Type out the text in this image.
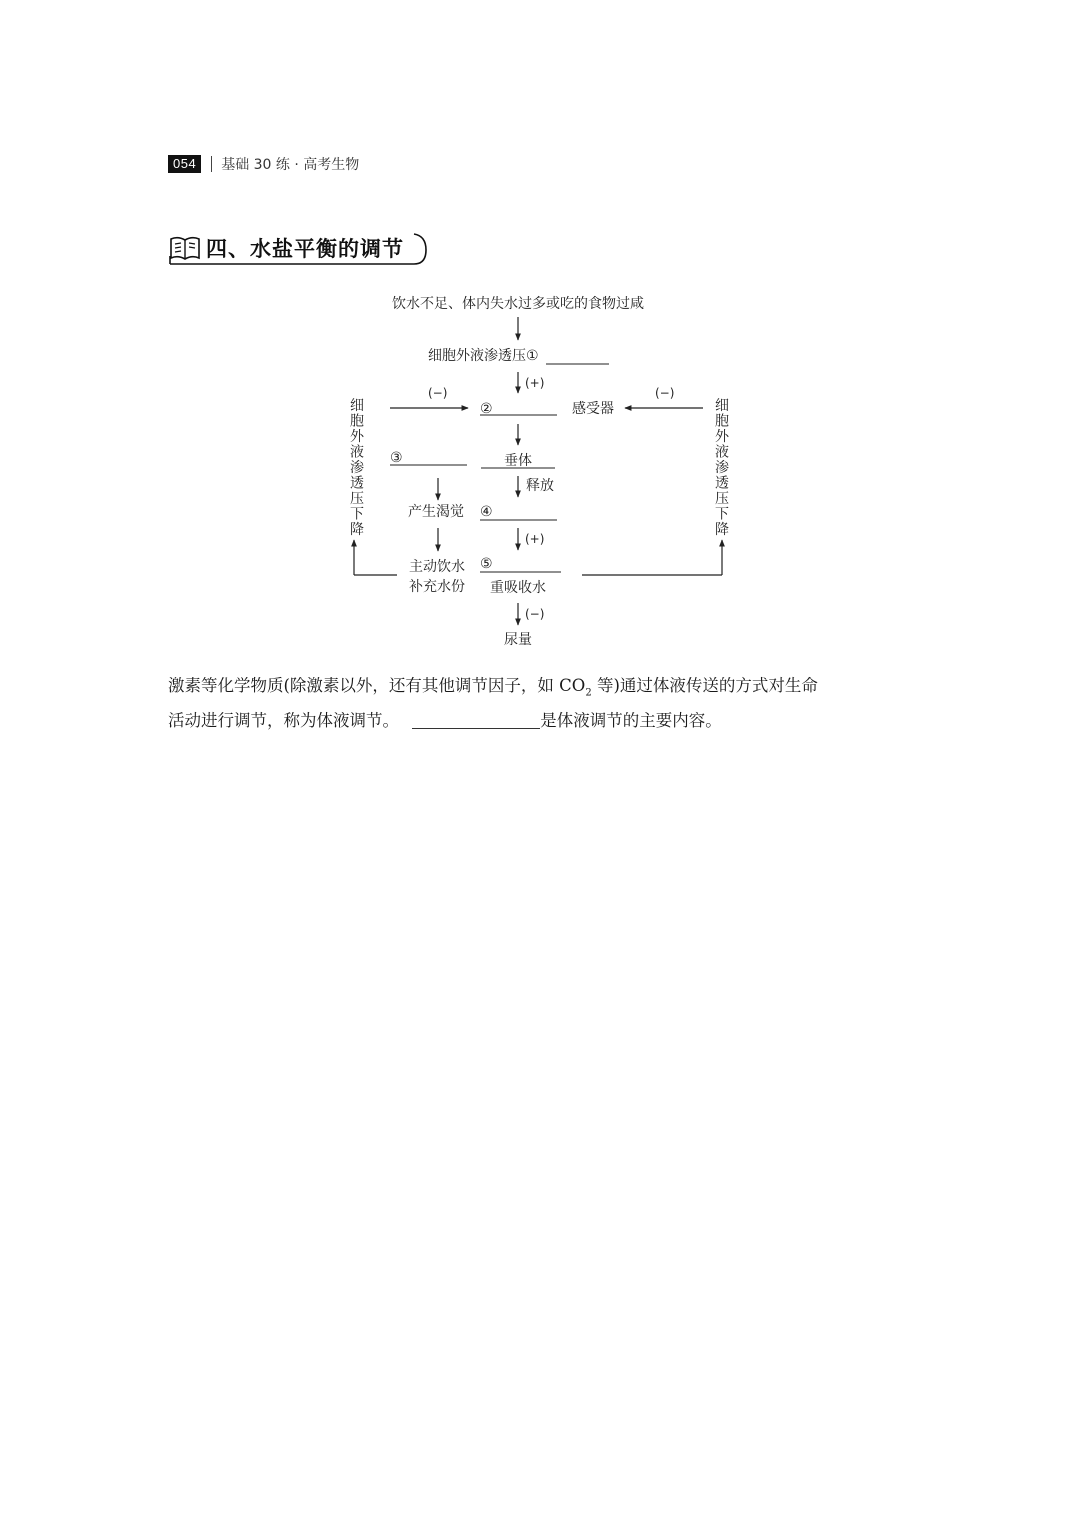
054	基础 30 练 · 高考生物
四、水盐平衡的调节
饮水不足、体内失水过多或吃的食物过咸
细胞外液渗透压①
(+)
(−)
②	感受器
(−)
③	垂体
释放
产生渴觉 ④
(+)
主动饮水
补充水份
⑤
重吸收水
(−)
尿量
细胞外液渗透压下降
细胞外液渗透压下降
激素等化学物质(除激素以外，还有其他调节因子，如 $CO_2$ 等)通过体液传送的方式对生命
活动进行调节，称为体液调节。	是体液调节的主要内容。
